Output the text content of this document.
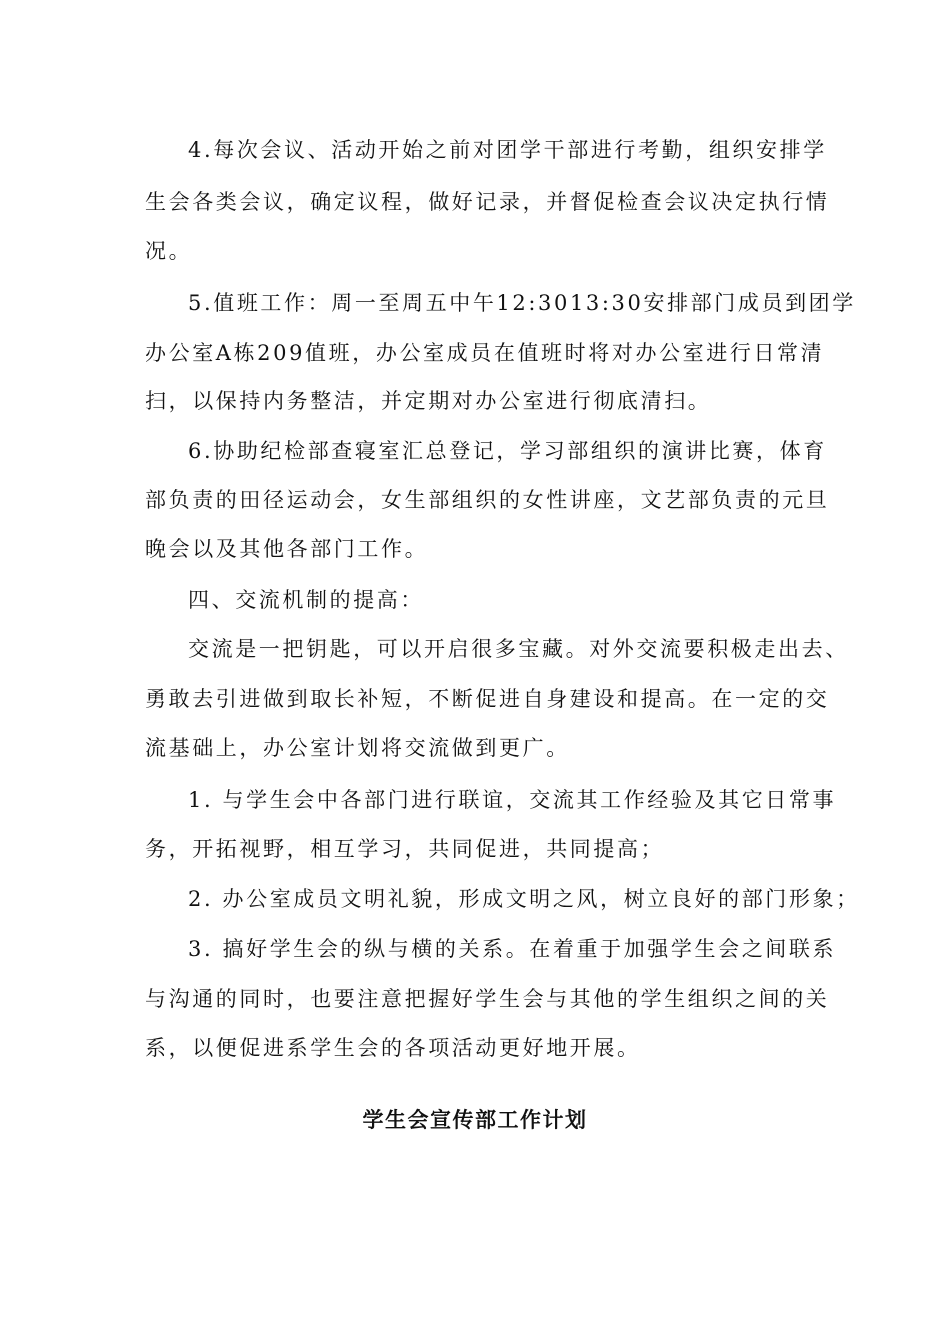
4.每次会议、活动开始之前对团学干部进行考勤，组织安排学
生会各类会议，确定议程，做好记录，并督促检查会议决定执行情
况。
5.值班工作：周一至周五中午12:3013:30安排部门成员到团学
办公室A栋209值班，办公室成员在值班时将对办公室进行日常清
扫，以保持内务整洁，并定期对办公室进行彻底清扫。
6.协助纪检部查寝室汇总登记，学习部组织的演讲比赛，体育
部负责的田径运动会，女生部组织的女性讲座，文艺部负责的元旦
晚会以及其他各部门工作。
四、交流机制的提高：
交流是一把钥匙，可以开启很多宝藏。对外交流要积极走出去、
勇敢去引进做到取长补短，不断促进自身建设和提高。在一定的交
流基础上，办公室计划将交流做到更广。
1. 与学生会中各部门进行联谊，交流其工作经验及其它日常事
务，开拓视野，相互学习，共同促进，共同提高；
2. 办公室成员文明礼貌，形成文明之风，树立良好的部门形象；
3. 搞好学生会的纵与横的关系。在着重于加强学生会之间联系
与沟通的同时，也要注意把握好学生会与其他的学生组织之间的关
系，以便促进系学生会的各项活动更好地开展。
学生会宣传部工作计划
